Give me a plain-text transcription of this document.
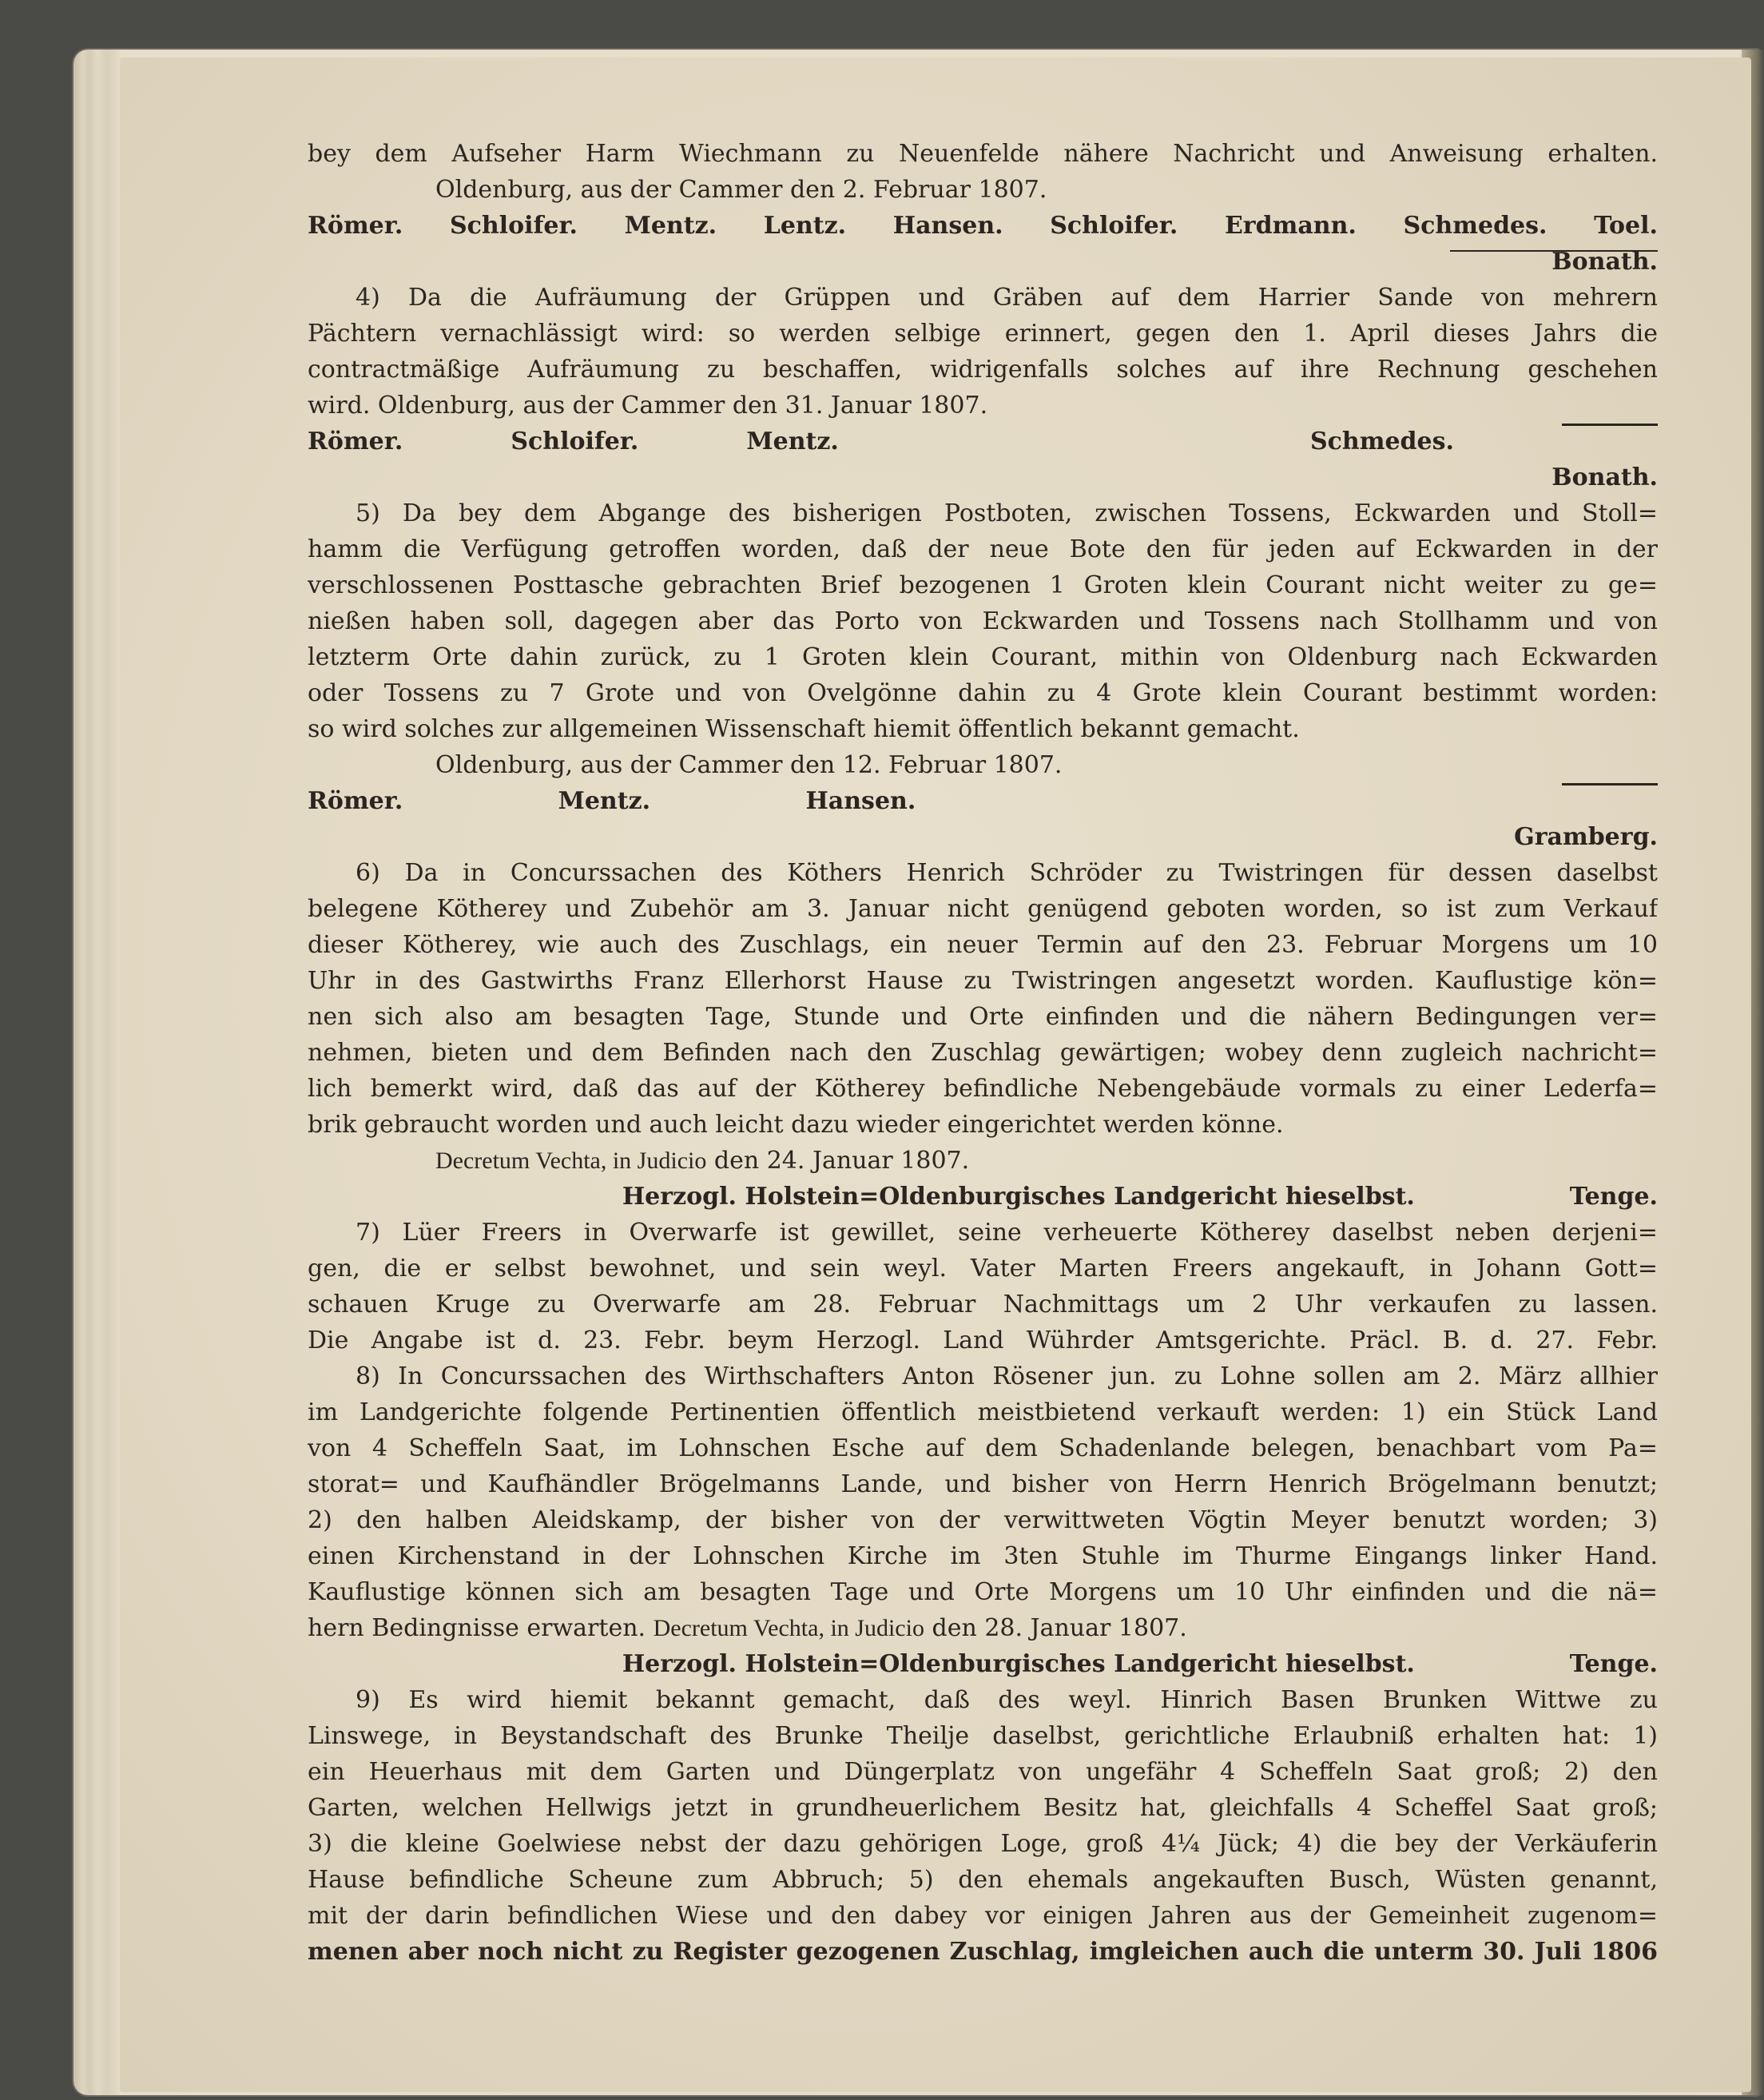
bey dem Aufseher Harm Wiechmann zu Neuenfelde nähere Nachricht und Anweisung erhalten.
Oldenburg, aus der Cammer den 2. Februar 1807.
Römer. Schloifer. Mentz. Lentz. Hansen. Schloifer. Erdmann. Schmedes. Toel.
Bonath.
4) Da die Aufräumung der Grüppen und Gräben auf dem Harrier Sande von mehrern
Pächtern vernachlässigt wird: so werden selbige erinnert, gegen den 1. April dieses Jahrs die
contractmäßige Aufräumung zu beschaffen, widrigenfalls solches auf ihre Rechnung geschehen
wird. Oldenburg, aus der Cammer den 31. Januar 1807.
Römer.	Schloifer.	Mentz.	Schmedes.
Bonath.
5) Da bey dem Abgange des bisherigen Postboten, zwischen Tossens, Eckwarden und Stoll=
hamm die Verfügung getroffen worden, daß der neue Bote den für jeden auf Eckwarden in der
verschlossenen Posttasche gebrachten Brief bezogenen 1 Groten klein Courant nicht weiter zu ge=
nießen haben soll, dagegen aber das Porto von Eckwarden und Tossens nach Stollhamm und von
letzterm Orte dahin zurück, zu 1 Groten klein Courant, mithin von Oldenburg nach Eckwarden
oder Tossens zu 7 Grote und von Ovelgönne dahin zu 4 Grote klein Courant bestimmt worden:
so wird solches zur allgemeinen Wissenschaft hiemit öffentlich bekannt gemacht.
Oldenburg, aus der Cammer den 12. Februar 1807.
Römer.	Mentz.	Hansen.
Gramberg.
6) Da in Concurssachen des Köthers Henrich Schröder zu Twistringen für dessen daselbst
belegene Kötherey und Zubehör am 3. Januar nicht genügend geboten worden, so ist zum Verkauf
dieser Kötherey, wie auch des Zuschlags, ein neuer Termin auf den 23. Februar Morgens um 10
Uhr in des Gastwirths Franz Ellerhorst Hause zu Twistringen angesetzt worden. Kauflustige kön=
nen sich also am besagten Tage, Stunde und Orte einfinden und die nähern Bedingungen ver=
nehmen, bieten und dem Befinden nach den Zuschlag gewärtigen; wobey denn zugleich nachricht=
lich bemerkt wird, daß das auf der Kötherey befindliche Nebengebäude vormals zu einer Lederfa=
brik gebraucht worden und auch leicht dazu wieder eingerichtet werden könne.
Decretum Vechta, in Judicio den 24. Januar 1807.
Herzogl. Holstein=Oldenburgisches Landgericht hieselbst.	Tenge.
7) Lüer Freers in Overwarfe ist gewillet, seine verheuerte Kötherey daselbst neben derjeni=
gen, die er selbst bewohnet, und sein weyl. Vater Marten Freers angekauft, in Johann Gott=
schauen Kruge zu Overwarfe am 28. Februar Nachmittags um 2 Uhr verkaufen zu lassen.
Die Angabe ist d. 23. Febr. beym Herzogl. Land Wührder Amtsgerichte. Präcl. B. d. 27. Febr.
8) In Concurssachen des Wirthschafters Anton Rösener jun. zu Lohne sollen am 2. März allhier
im Landgerichte folgende Pertinentien öffentlich meistbietend verkauft werden: 1) ein Stück Land
von 4 Scheffeln Saat, im Lohnschen Esche auf dem Schadenlande belegen, benachbart vom Pa=
storat= und Kaufhändler Brögelmanns Lande, und bisher von Herrn Henrich Brögelmann benutzt;
2) den halben Aleidskamp, der bisher von der verwittweten Vögtin Meyer benutzt worden; 3)
einen Kirchenstand in der Lohnschen Kirche im 3ten Stuhle im Thurme Eingangs linker Hand.
Kauflustige können sich am besagten Tage und Orte Morgens um 10 Uhr einfinden und die nä=
hern Bedingnisse erwarten. Decretum Vechta, in Judicio den 28. Januar 1807.
Herzogl. Holstein=Oldenburgisches Landgericht hieselbst.	Tenge.
9) Es wird hiemit bekannt gemacht, daß des weyl. Hinrich Basen Brunken Wittwe zu
Linswege, in Beystandschaft des Brunke Theilje daselbst, gerichtliche Erlaubniß erhalten hat: 1)
ein Heuerhaus mit dem Garten und Düngerplatz von ungefähr 4 Scheffeln Saat groß; 2) den
Garten, welchen Hellwigs jetzt in grundheuerlichem Besitz hat, gleichfalls 4 Scheffel Saat groß;
3) die kleine Goelwiese nebst der dazu gehörigen Loge, groß 4¼ Jück; 4) die bey der Verkäuferin
Hause befindliche Scheune zum Abbruch; 5) den ehemals angekauften Busch, Wüsten genannt,
mit der darin befindlichen Wiese und den dabey vor einigen Jahren aus der Gemeinheit zugenom=
menen aber noch nicht zu Register gezogenen Zuschlag, imgleichen auch die unterm 30. Juli 1806
